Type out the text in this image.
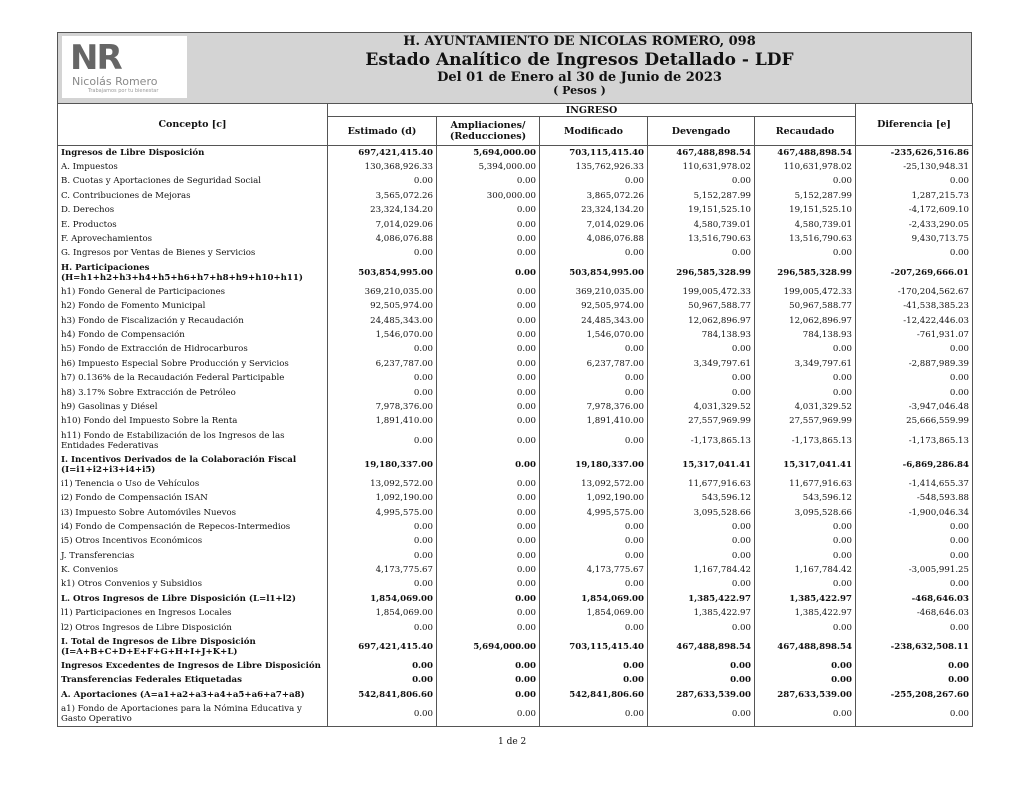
NR
Nicolás Romero
Trabajamos por tu bienestar
H. AYUNTAMIENTO DE NICOLAS ROMERO, 098
Estado Analítico de Ingresos Detallado - LDF
Del 01 de Enero al 30 de Junio de 2023
( Pesos )
Concepto [c]	INGRESO					Diferencia [e]
	Estimado (d)	Ampliaciones/ (Reducciones)	Modificado	Devengado	Recaudado	
Ingresos de Libre Disposición	697,421,415.40	5,694,000.00	703,115,415.40	467,488,898.54	467,488,898.54	-235,626,516.86
A. Impuestos	130,368,926.33	5,394,000.00	135,762,926.33	110,631,978.02	110,631,978.02	-25,130,948.31
B. Cuotas y Aportaciones de Seguridad Social	0.00	0.00	0.00	0.00	0.00	0.00
C. Contribuciones de Mejoras	3,565,072.26	300,000.00	3,865,072.26	5,152,287.99	5,152,287.99	1,287,215.73
D. Derechos	23,324,134.20	0.00	23,324,134.20	19,151,525.10	19,151,525.10	-4,172,609.10
E. Productos	7,014,029.06	0.00	7,014,029.06	4,580,739.01	4,580,739.01	-2,433,290.05
F. Aprovechamientos	4,086,076.88	0.00	4,086,076.88	13,516,790.63	13,516,790.63	9,430,713.75
G. Ingresos por Ventas de Bienes y Servicios	0.00	0.00	0.00	0.00	0.00	0.00
H. Participaciones (H=h1+h2+h3+h4+h5+h6+h7+h8+h9+h10+h11)	503,854,995.00	0.00	503,854,995.00	296,585,328.99	296,585,328.99	-207,269,666.01
h1) Fondo General de Participaciones	369,210,035.00	0.00	369,210,035.00	199,005,472.33	199,005,472.33	-170,204,562.67
h2) Fondo de Fomento Municipal	92,505,974.00	0.00	92,505,974.00	50,967,588.77	50,967,588.77	-41,538,385.23
h3) Fondo de Fiscalización y Recaudación	24,485,343.00	0.00	24,485,343.00	12,062,896.97	12,062,896.97	-12,422,446.03
h4) Fondo de Compensación	1,546,070.00	0.00	1,546,070.00	784,138.93	784,138.93	-761,931.07
h5) Fondo de Extracción de Hidrocarburos	0.00	0.00	0.00	0.00	0.00	0.00
h6) Impuesto Especial Sobre Producción y Servicios	6,237,787.00	0.00	6,237,787.00	3,349,797.61	3,349,797.61	-2,887,989.39
h7) 0.136% de la Recaudación Federal Participable	0.00	0.00	0.00	0.00	0.00	0.00
h8) 3.17% Sobre Extracción de Petróleo	0.00	0.00	0.00	0.00	0.00	0.00
h9) Gasolinas y Diésel	7,978,376.00	0.00	7,978,376.00	4,031,329.52	4,031,329.52	-3,947,046.48
h10) Fondo del Impuesto Sobre la Renta	1,891,410.00	0.00	1,891,410.00	27,557,969.99	27,557,969.99	25,666,559.99
h11) Fondo de Estabilización de los Ingresos de las Entidades Federativas	0.00	0.00	0.00	-1,173,865.13	-1,173,865.13	-1,173,865.13
I. Incentivos Derivados de la Colaboración Fiscal (I=i1+i2+i3+i4+i5)	19,180,337.00	0.00	19,180,337.00	15,317,041.41	15,317,041.41	-6,869,286.84
i1) Tenencia o Uso de Vehículos	13,092,572.00	0.00	13,092,572.00	11,677,916.63	11,677,916.63	-1,414,655.37
i2) Fondo de Compensación ISAN	1,092,190.00	0.00	1,092,190.00	543,596.12	543,596.12	-548,593.88
i3) Impuesto Sobre Automóviles Nuevos	4,995,575.00	0.00	4,995,575.00	3,095,528.66	3,095,528.66	-1,900,046.34
i4) Fondo de Compensación de Repecos-Intermedios	0.00	0.00	0.00	0.00	0.00	0.00
i5) Otros Incentivos Económicos	0.00	0.00	0.00	0.00	0.00	0.00
J. Transferencias	0.00	0.00	0.00	0.00	0.00	0.00
K. Convenios	4,173,775.67	0.00	4,173,775.67	1,167,784.42	1,167,784.42	-3,005,991.25
k1) Otros Convenios y Subsidios	0.00	0.00	0.00	0.00	0.00	0.00
L. Otros Ingresos de Libre Disposición (L=l1+l2)	1,854,069.00	0.00	1,854,069.00	1,385,422.97	1,385,422.97	-468,646.03
l1) Participaciones en Ingresos Locales	1,854,069.00	0.00	1,854,069.00	1,385,422.97	1,385,422.97	-468,646.03
l2) Otros Ingresos de Libre Disposición	0.00	0.00	0.00	0.00	0.00	0.00
I. Total de Ingresos de Libre Disposición (I=A+B+C+D+E+F+G+H+I+J+K+L)	697,421,415.40	5,694,000.00	703,115,415.40	467,488,898.54	467,488,898.54	-238,632,508.11
Ingresos Excedentes de Ingresos de Libre Disposición	0.00	0.00	0.00	0.00	0.00	0.00
Transferencias Federales Etiquetadas	0.00	0.00	0.00	0.00	0.00	0.00
A. Aportaciones (A=a1+a2+a3+a4+a5+a6+a7+a8)	542,841,806.60	0.00	542,841,806.60	287,633,539.00	287,633,539.00	-255,208,267.60
a1) Fondo de Aportaciones para la Nómina Educativa y Gasto Operativo	0.00	0.00	0.00	0.00	0.00	0.00
1 de 2
